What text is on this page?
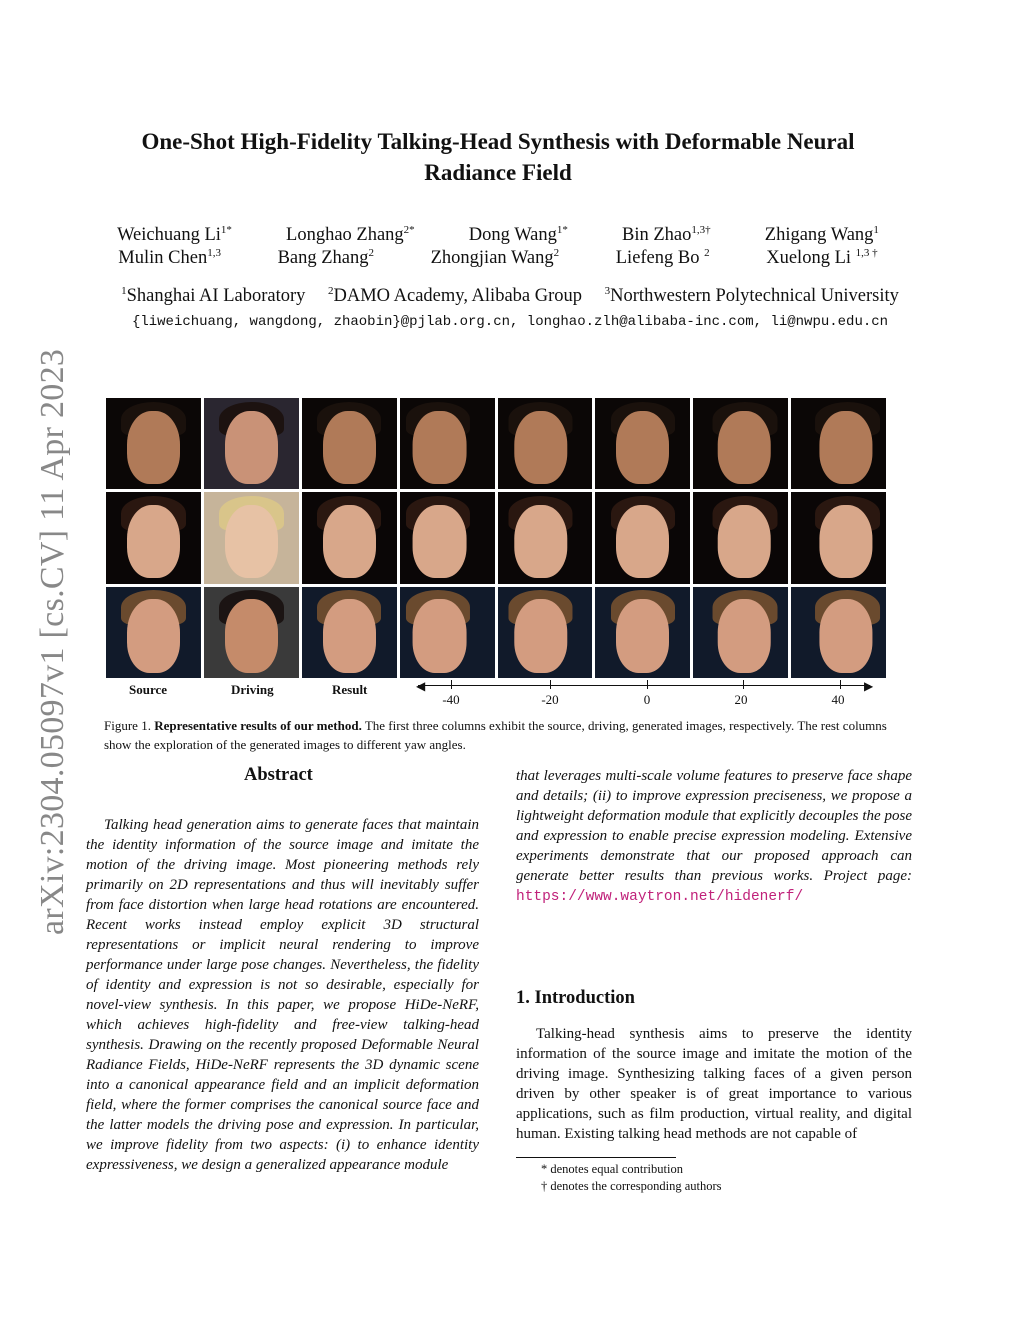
arXiv:2304.05097v1 [cs.CV] 11 Apr 2023
One-Shot High-Fidelity Talking-Head Synthesis with Deformable Neural
Radiance Field
Weichuang $Li^{1*}$	Longhao Zhang$^{2*}$	Dong Wang$^{1*}$	Bin Zhao$^{1,3\dagger}$	Zhigang Wang$^1$
Mulin Chen$^{1,3}$	Bang Zhang$^2$	Zhongjian Wang$^2$	Liefeng Bo $^2$	Xuelong Li $^{1,3 \dagger}$
$^1$Shanghai AI Laboratory $^2$DAMO Academy, Alibaba Group $^3$Northwestern Polytechnical University
{liweichuang, wangdong, zhaobin}@pjlab.org.cn, longhao.zlh@alibaba-inc.com, li@nwpu.edu.cn
Source	Driving	Result	◀	▶
-40	-20	0	20	40
Figure 1. Representative results of our method. The first three columns exhibit the source, driving, generated images, respectively. The rest columns show the exploration of the generated images to different yaw angles.
Abstract
Talking head generation aims to generate faces that maintain the identity information of the source image and imitate the motion of the driving image. Most pioneering methods rely primarily on 2D representations and thus will inevitably suffer from face distortion when large head rotations are encountered. Recent works instead employ explicit 3D structural representations or implicit neural rendering to improve performance under large pose changes. Nevertheless, the fidelity of identity and expression is not so desirable, especially for novel-view synthesis. In this paper, we propose HiDe-NeRF, which achieves high-fidelity and free-view talking-head synthesis. Drawing on the recently proposed Deformable Neural Radiance Fields, HiDe-NeRF represents the 3D dynamic scene into a canonical appearance field and an implicit deformation field, where the former comprises the canonical source face and the latter models the driving pose and expression. In particular, we improve fidelity from two aspects: (i) to enhance identity expressiveness, we design a generalized appearance module
that leverages multi-scale volume features to preserve face shape and details; (ii) to improve expression preciseness, we propose a lightweight deformation module that explicitly decouples the pose and expression to enable precise expression modeling. Extensive experiments demonstrate that our proposed approach can generate better results than previous works. Project page: https://www.waytron.net/hidenerf/
1. Introduction
Talking-head synthesis aims to preserve the identity information of the source image and imitate the motion of the driving image. Synthesizing talking faces of a given person driven by other speaker is of great importance to various applications, such as film production, virtual reality, and digital human. Existing talking head methods are not capable of
* denotes equal contribution
† denotes the corresponding authors
